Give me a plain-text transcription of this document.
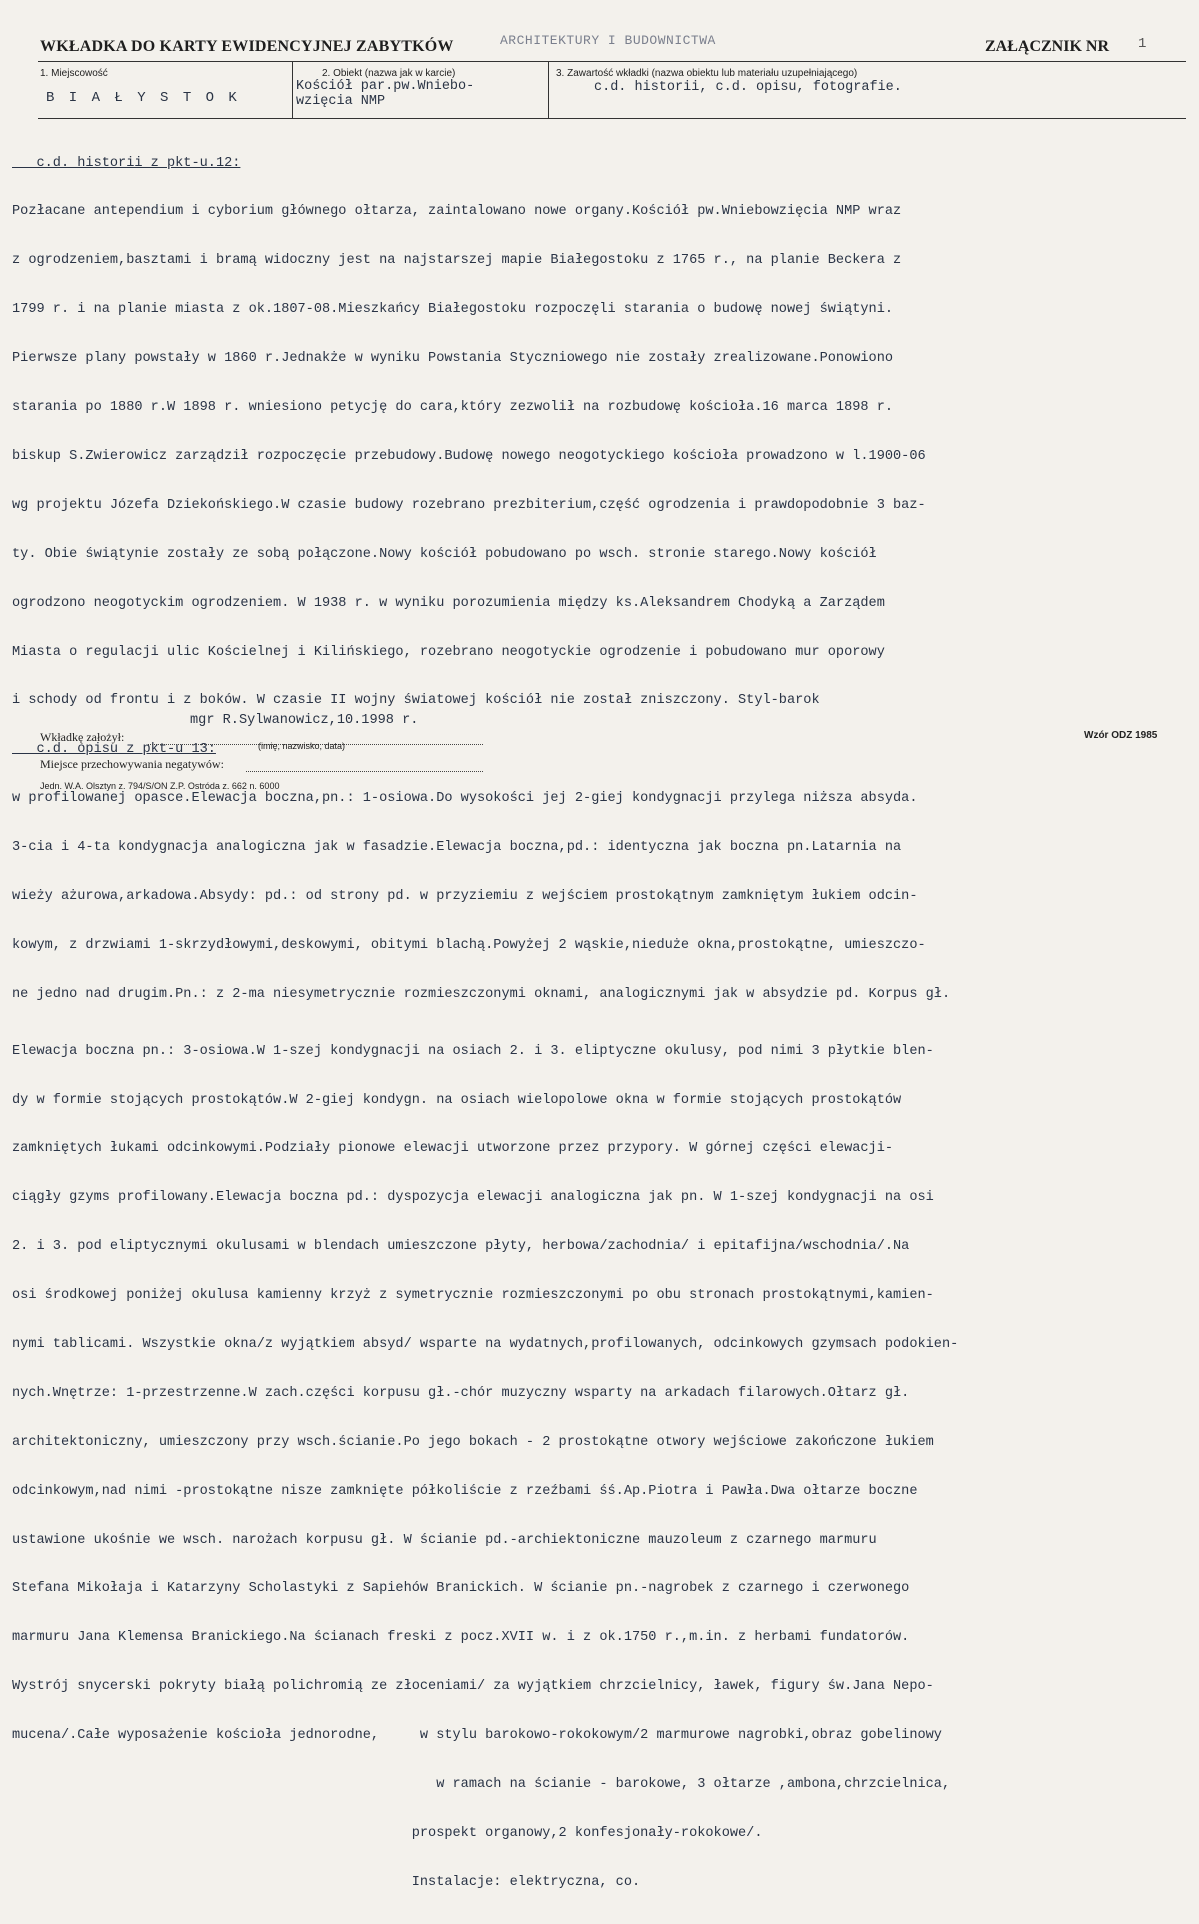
WKŁADKA DO KARTY EWIDENCYJNEJ ZABYTKÓW	ARCHITEKTURY I BUDOWNICTWA	ZAŁĄCZNIK NR 1
1. Miejscowość
B I A Ł Y S T O K
2. Obiekt (nazwa jak w karcie)
Kościół par.pw.Wniebo-
wzięcia NMP
3. Zawartość wkładki (nazwa obiektu lub materiału uzupełniającego)
c.d. historii, c.d. opisu, fotografie.

c.d. historii z pkt-u.12:

Pozłacane antependium i cyborium głównego ołtarza, zaintalowano nowe organy.Kościół pw.Wniebowzięcia NMP wraz

z ogrodzeniem,basztami i bramą widoczny jest na najstarszej mapie Białegostoku z 1765 r., na planie Beckera z

1799 r. i na planie miasta z ok.1807-08.Mieszkańcy Białegostoku rozpoczęli starania o budowę nowej świątyni.

Pierwsze plany powstały w 1860 r.Jednakże w wyniku Powstania Styczniowego nie zostały zrealizowane.Ponowiono

starania po 1880 r.W 1898 r. wniesiono petycję do cara,który zezwolił na rozbudowę kościoła.16 marca 1898 r.

biskup S.Zwierowicz zarządził rozpoczęcie przebudowy.Budowę nowego neogotyckiego kościoła prowadzono w l.1900-06

wg projektu Józefa Dziekońskiego.W czasie budowy rozebrano prezbiterium,część ogrodzenia i prawdopodobnie 3 baz-

ty. Obie świątynie zostały ze sobą połączone.Nowy kościół pobudowano po wsch. stronie starego.Nowy kościół

ogrodzono neogotyckim ogrodzeniem. W 1938 r. w wyniku porozumienia między ks.Aleksandrem Chodyką a Zarządem

Miasta o regulacji ulic Kościelnej i Kilińskiego, rozebrano neogotyckie ogrodzenie i pobudowano mur oporowy

i schody od frontu i z boków. W czasie II wojny światowej kościół nie został zniszczony. Styl-barok

c.d. opisu z pkt-u 13:

w profilowanej opasce.Elewacja boczna,pn.: 1-osiowa.Do wysokości jej 2-giej kondygnacji przylega niższa absyda.

3-cia i 4-ta kondygnacja analogiczna jak w fasadzie.Elewacja boczna,pd.: identyczna jak boczna pn.Latarnia na

wieży ażurowa,arkadowa.Absydy: pd.: od strony pd. w przyziemiu z wejściem prostokątnym zamkniętym łukiem odcin-

kowym, z drzwiami 1-skrzydłowymi,deskowymi, obitymi blachą.Powyżej 2 wąskie,nieduże okna,prostokątne, umieszczo-

ne jedno nad drugim.Pn.: z 2-ma niesymetrycznie rozmieszczonymi oknami, analogicznymi jak w absydzie pd. Korpus gł.

Elewacja boczna pn.: 3-osiowa.W 1-szej kondygnacji na osiach 2. i 3. eliptyczne okulusy, pod nimi 3 płytkie blen-

dy w formie stojących prostokątów.W 2-giej kondygn. na osiach wielopolowe okna w formie stojących prostokątów

zamkniętych łukami odcinkowymi.Podziały pionowe elewacji utworzone przez przypory. W górnej części elewacji-

ciągły gzyms profilowany.Elewacja boczna pd.: dyspozycja elewacji analogiczna jak pn. W 1-szej kondygnacji na osi

2. i 3. pod eliptycznymi okulusami w blendach umieszczone płyty, herbowa/zachodnia/ i epitafijna/wschodnia/.Na

osi środkowej poniżej okulusa kamienny krzyż z symetrycznie rozmieszczonymi po obu stronach prostokątnymi,kamien-

nymi tablicami. Wszystkie okna/z wyjątkiem absyd/ wsparte na wydatnych,profilowanych, odcinkowych gzymsach podokien-

nych.Wnętrze: 1-przestrzenne.W zach.części korpusu gł.-chór muzyczny wsparty na arkadach filarowych.Ołtarz gł.

architektoniczny, umieszczony przy wsch.ścianie.Po jego bokach - 2 prostokątne otwory wejściowe zakończone łukiem

odcinkowym,nad nimi -prostokątne nisze zamknięte półkoliście z rzeźbami śś.Ap.Piotra i Pawła.Dwa ołtarze boczne

ustawione ukośnie we wsch. narożach korpusu gł. W ścianie pd.-archiektoniczne mauzoleum z czarnego marmuru

Stefana Mikołaja i Katarzyny Scholastyki z Sapiehów Branickich. W ścianie pn.-nagrobek z czarnego i czerwonego

marmuru Jana Klemensa Branickiego.Na ścianach freski z pocz.XVII w. i z ok.1750 r.,m.in. z herbami fundatorów.

Wystrój snycerski pokryty białą polichromią ze złoceniami/ za wyjątkiem chrzcielnicy, ławek, figury św.Jana Nepo-

mucena/.Całe wyposażenie kościoła jednorodne,     w stylu barokowo-rokokowym/2 marmurowe nagrobki,obraz gobelinowy

w ramach na ścianie - barokowe, 3 ołtarze ,ambona,chrzcielnica,

prospekt organowy,2 konfesjonały-rokokowe/.

Instalacje: elektryczna, co.

Wkładkę założył:
mgr R.Sylwanowicz,10.1998 r.
(imię, nazwisko, data)
Miejsce przechowywania negatywów:
Jedn. W.A. Olsztyn z. 794/S/ON Z.P. Ostróda z. 662 n. 6000
Wzór ODZ 1985
